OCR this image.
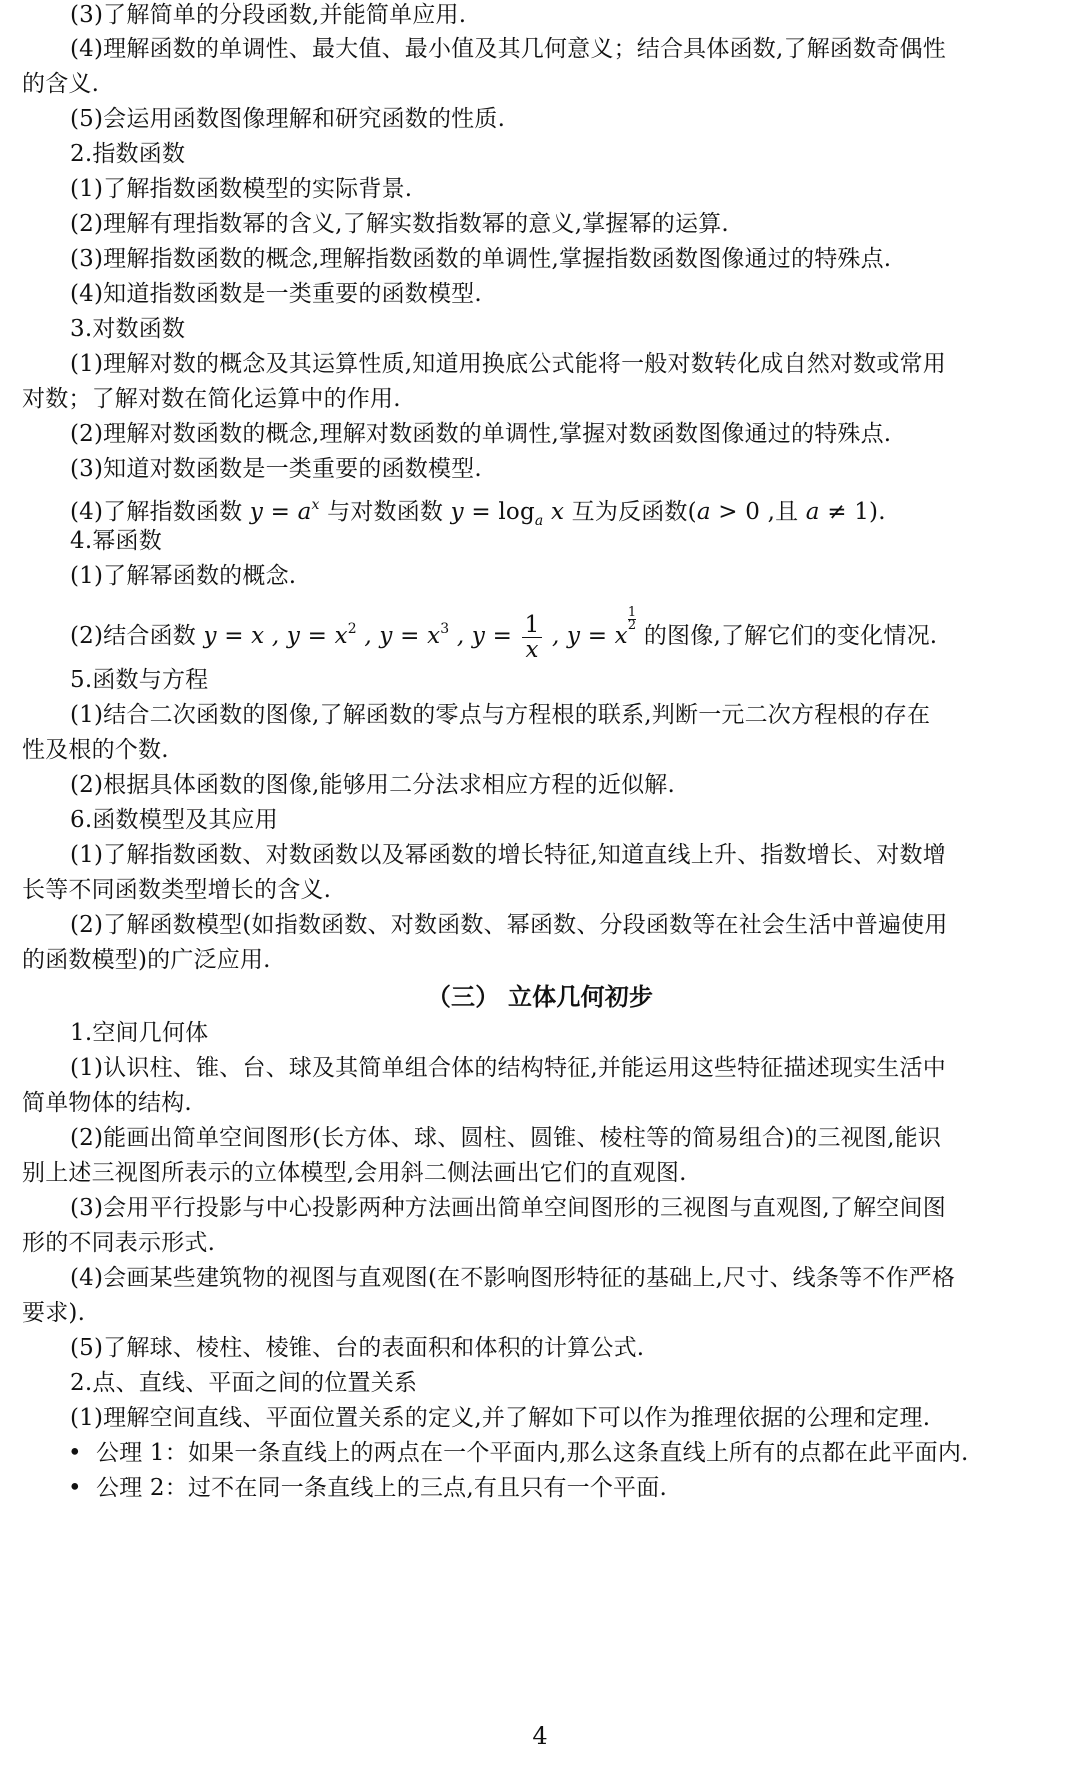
(3)了解简单的分段函数,并能简单应用.
(4)理解函数的单调性、最大值、最小值及其几何意义；结合具体函数,了解函数奇偶性
的含义.
(5)会运用函数图像理解和研究函数的性质.
2.指数函数
(1)了解指数函数模型的实际背景.
(2)理解有理指数幂的含义,了解实数指数幂的意义,掌握幂的运算.
(3)理解指数函数的概念,理解指数函数的单调性,掌握指数函数图像通过的特殊点.
(4)知道指数函数是一类重要的函数模型.
3.对数函数
(1)理解对数的概念及其运算性质,知道用换底公式能将一般对数转化成自然对数或常用
对数；了解对数在简化运算中的作用.
(2)理解对数函数的概念,理解对数函数的单调性,掌握对数函数图像通过的特殊点.
(3)知道对数函数是一类重要的函数模型.
(4)了解指数函数 $y = a^x$ 与对数函数 $y = \log_a x$ 互为反函数(a > 0 ,且 a ≠ 1).
4.幂函数
(1)了解幂函数的概念.
(2)结合函数 y = x , $y = x^2$ , $y = x^3$ , $y = \frac{1}{x}$ , y = x
$\frac{1}{2}$
的图像,了解它们的变化情况.
5.函数与方程
(1)结合二次函数的图像,了解函数的零点与方程根的联系,判断一元二次方程根的存在
性及根的个数.
(2)根据具体函数的图像,能够用二分法求相应方程的近似解.
6.函数模型及其应用
(1)了解指数函数、对数函数以及幂函数的增长特征,知道直线上升、指数增长、对数增
长等不同函数类型增长的含义.
(2)了解函数模型(如指数函数、对数函数、幂函数、分段函数等在社会生活中普遍使用
的函数模型)的广泛应用.
（三） 立体几何初步
1.空间几何体
(1)认识柱、锥、台、球及其简单组合体的结构特征,并能运用这些特征描述现实生活中
简单物体的结构.
(2)能画出简单空间图形(长方体、球、圆柱、圆锥、棱柱等的简易组合)的三视图,能识
别上述三视图所表示的立体模型,会用斜二侧法画出它们的直观图.
(3)会用平行投影与中心投影两种方法画出简单空间图形的三视图与直观图,了解空间图
形的不同表示形式.
(4)会画某些建筑物的视图与直观图(在不影响图形特征的基础上,尺寸、线条等不作严格
要求).
(5)了解球、棱柱、棱锥、台的表面积和体积的计算公式.
2.点、直线、平面之间的位置关系
(1)理解空间直线、平面位置关系的定义,并了解如下可以作为推理依据的公理和定理.
• 公理 1：如果一条直线上的两点在一个平面内,那么这条直线上所有的点都在此平面内.
• 公理 2：过不在同一条直线上的三点,有且只有一个平面.
4
